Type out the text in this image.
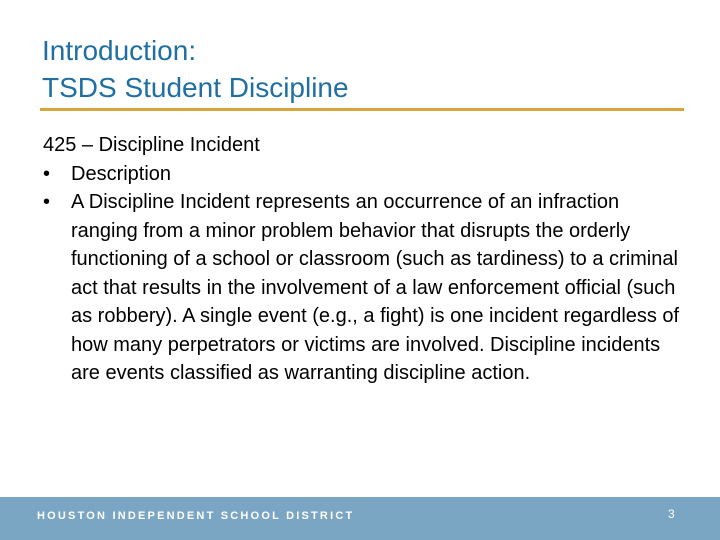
Introduction:
TSDS Student Discipline

425 – Discipline Incident

•	Description

•	A Discipline Incident represents an occurrence of an infraction ranging from a minor problem behavior that disrupts the orderly functioning of a school or classroom (such as tardiness) to a criminal act that results in the involvement of a law enforcement official (such as robbery). A single event (e.g., a fight) is one incident regardless of how many perpetrators or victims are involved. Discipline incidents are events classified as warranting discipline action.

HOUSTON INDEPENDENT SCHOOL DISTRICT	3
